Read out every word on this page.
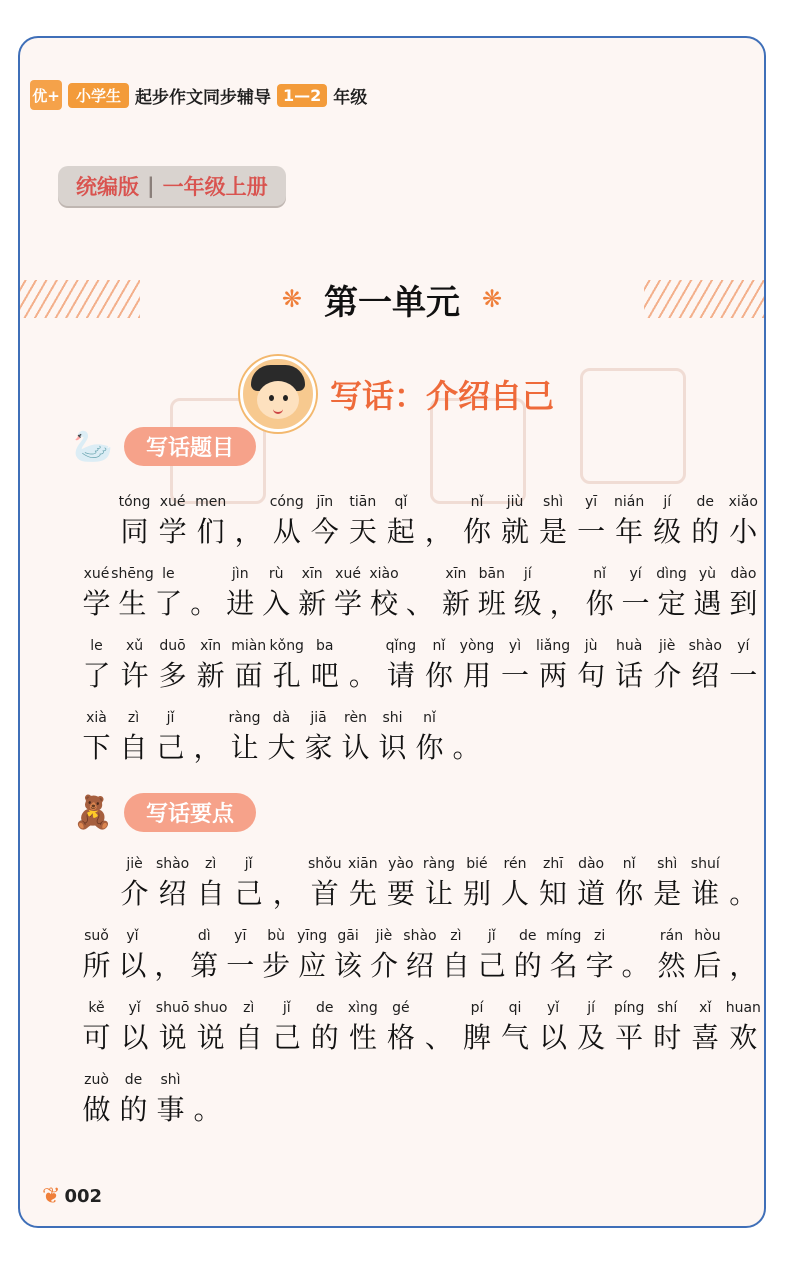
优+	小学生 起步作文同步辅导 1—2 年级
统编版 | 一年级上册
❋ 第一单元 ❋
写话：介绍自己
🦢	写话题目
tóng
同
xué
学
men
们 ，
cóng
从
jīn
今
tiān
天
qǐ
起 ，
nǐ
你
jiù
就
shì
是
yī
一
nián
年
jí
级
de
的
xiǎo
小
xué
学
shēng
生
le
了 。
jìn
进
rù
入
xīn
新
xué
学
xiào
校 、
xīn
新
bān
班
jí
级 ，
nǐ
你
yí
一
dìng
定
yù
遇
dào
到
le
了
xǔ
许
duō
多
xīn
新
miàn
面
kǒng
孔
ba
吧 。
qǐng
请
nǐ
你
yòng
用
yì
一
liǎng
两
jù
句
huà
话
jiè
介
shào
绍
yí
一
xià
下
zì
自
jǐ
己 ，
ràng
让
dà
大
jiā
家
rèn
认
shi
识
nǐ
你 。
🧸	写话要点
jiè
介
shào
绍
zì
自
jǐ
己 ，
shǒu
首
xiān
先
yào
要
ràng
让
bié
别
rén
人
zhī
知
dào
道
nǐ
你
shì
是
shuí
谁 。
suǒ
所
yǐ
以 ，
dì
第
yī
一
bù
步
yīng
应
gāi
该
jiè
介
shào
绍
zì
自
jǐ
己
de
的
míng
名
zi
字 。
rán
然
hòu
后 ，
kě
可
yǐ
以
shuō
说
shuo
说
zì
自
jǐ
己
de
的
xìng
性
gé
格 、
pí
脾
qi
气
yǐ
以
jí
及
píng
平
shí
时
xǐ
喜
huan
欢
zuò
做
de
的
shì
事 。
❦ 002
